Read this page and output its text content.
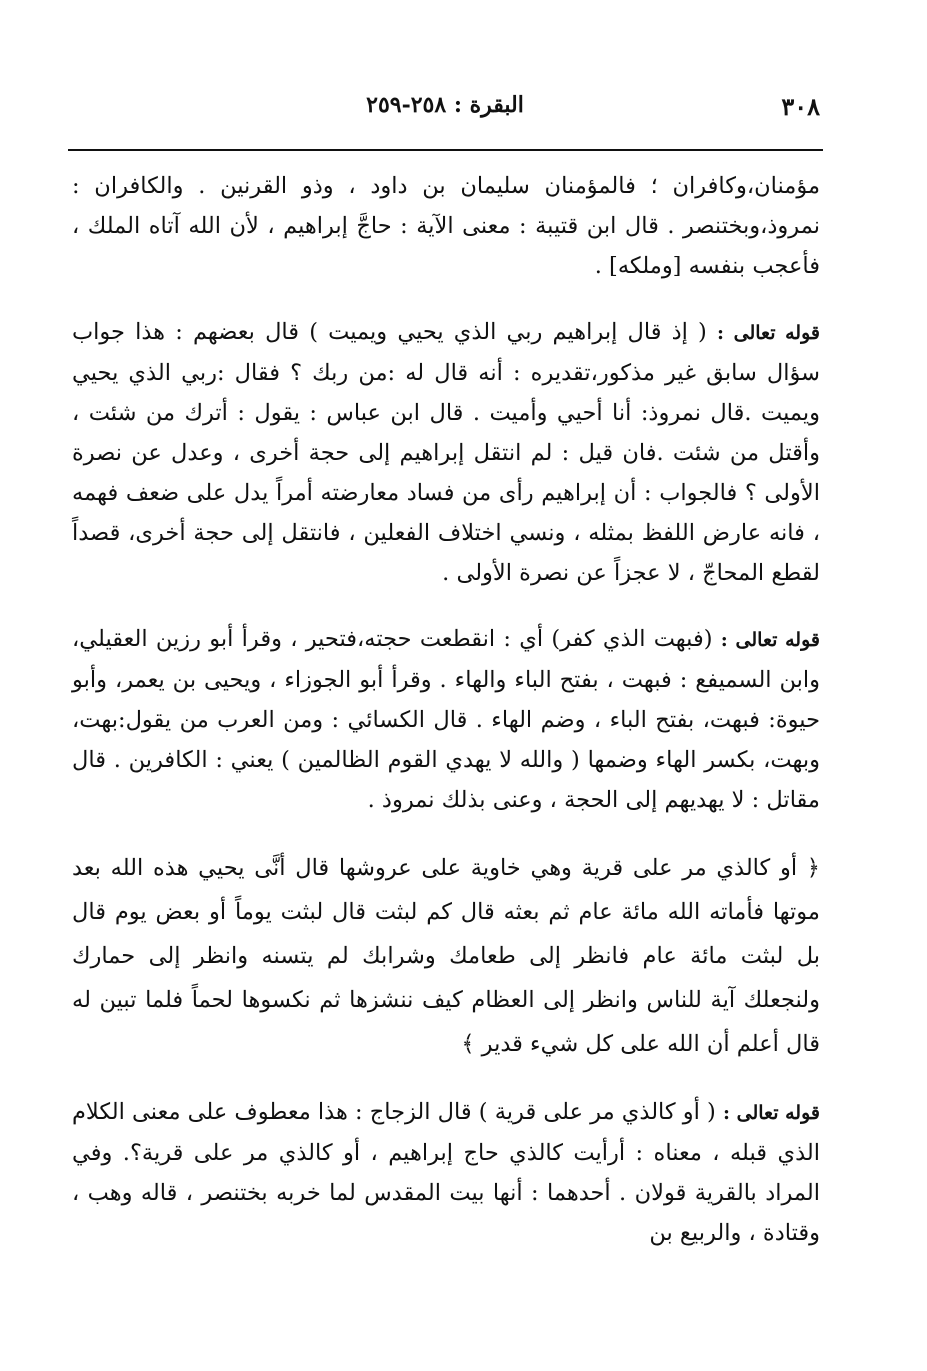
٣٠٨
البقرة : ٢٥٨-٢٥٩

مؤمنان،وكافران ؛ فالمؤمنان سليمان بن داود ، وذو القرنين . والكافران : نمروذ،وبختنصر . قال ابن قتيبة : معنى الآية : حاجَّ إبراهيم ، لأن الله آتاه الملك ، فأعجب بنفسه [وملكه] .

قوله تعالى : ( إذ قال إبراهيم ربي الذي يحيي ويميت ) قال بعضهم : هذا جواب سؤال سابق غير مذكور،تقديره : أنه قال له :من ربك ؟ فقال :ربي الذي يحيي ويميت .قال نمروذ: أنا أحيي وأميت . قال ابن عباس : يقول : أترك من شئت ، وأقتل من شئت .فان قيل : لم انتقل إبراهيم إلى حجة أخرى ، وعدل عن نصرة الأولى ؟ فالجواب : أن إبراهيم رأى من فساد معارضته أمراً يدل على ضعف فهمه ، فانه عارض اللفظ بمثله ، ونسي اختلاف الفعلين ، فانتقل إلى حجة أخرى، قصداً لقطع المحاجّ ، لا عجزاً عن نصرة الأولى .

قوله تعالى : (فبهت الذي كفر) أي : انقطعت حجته،فتحير ، وقرأ أبو رزين العقيلي، وابن السميفع : فبهت ، بفتح الباء والهاء . وقرأ أبو الجوزاء ، ويحيى بن يعمر، وأبو حيوة: فبهت، بفتح الباء ، وضم الهاء . قال الكسائي : ومن العرب من يقول:بهت، وبهت، بكسر الهاء وضمها ( والله لا يهدي القوم الظالمين ) يعني : الكافرين . قال مقاتل : لا يهديهم إلى الحجة ، وعنى بذلك نمروذ .

﴿ أو كالذي مر على قرية وهي خاوية على عروشها قال أنَّى يحيي هذه الله بعد موتها فأماته الله مائة عام ثم بعثه قال كم لبثت قال لبثت يوماً أو بعض يوم قال بل لبثت مائة عام فانظر إلى طعامك وشرابك لم يتسنه وانظر إلى حمارك ولنجعلك آية للناس وانظر إلى العظام كيف ننشزها ثم نكسوها لحماً فلما تبين له قال أعلم أن الله على كل شيء قدير ﴾

قوله تعالى : ( أو كالذي مر على قرية ) قال الزجاج : هذا معطوف على معنى الكلام الذي قبله ، معناه : أرأيت كالذي حاج إبراهيم ، أو كالذي مر على قرية؟. وفي المراد بالقرية قولان . أحدهما : أنها بيت المقدس لما خربه بختنصر ، قاله وهب ، وقتادة ، والربيع بن
